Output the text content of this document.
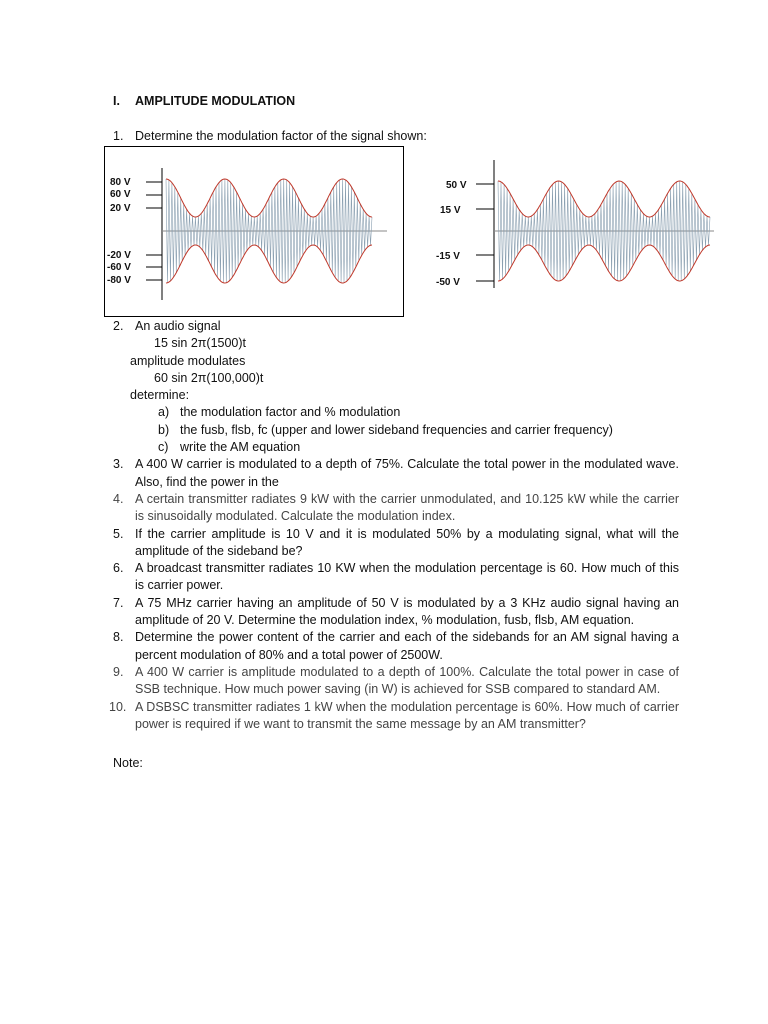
I. AMPLITUDE MODULATION
1. Determine the modulation factor of the signal shown:
80 V
60 V
20 V
-20 V
-60 V
-80 V
50 V
15 V
-15 V
-50 V
2. An audio signal
15 sin 2π(1500)t
amplitude modulates
60 sin 2π(100,000)t
determine:
a) the modulation factor and % modulation
b) the fusb, flsb, fc (upper and lower sideband frequencies and carrier frequency)
c) write the AM equation
3. A 400 W carrier is modulated to a depth of 75%. Calculate the total power in the modulated wave. Also, find the power in the
4. A certain transmitter radiates 9 kW with the carrier unmodulated, and 10.125 kW while the carrier is sinusoidally modulated. Calculate the modulation index.
5. If the carrier amplitude is 10 V and it is modulated 50% by a modulating signal, what will the amplitude of the sideband be?
6. A broadcast transmitter radiates 10 KW when the modulation percentage is 60. How much of this is carrier power.
7. A 75 MHz carrier having an amplitude of 50 V is modulated by a 3 KHz audio signal having an amplitude of 20 V. Determine the modulation index, % modulation, fusb, flsb, AM equation.
8. Determine the power content of the carrier and each of the sidebands for an AM signal having a percent modulation of 80% and a total power of 2500W.
9. A 400 W carrier is amplitude modulated to a depth of 100%. Calculate the total power in case of SSB technique. How much power saving (in W) is achieved for SSB compared to standard AM.
10. A DSBSC transmitter radiates 1 kW when the modulation percentage is 60%. How much of carrier power is required if we want to transmit the same message by an AM transmitter?
Note:
